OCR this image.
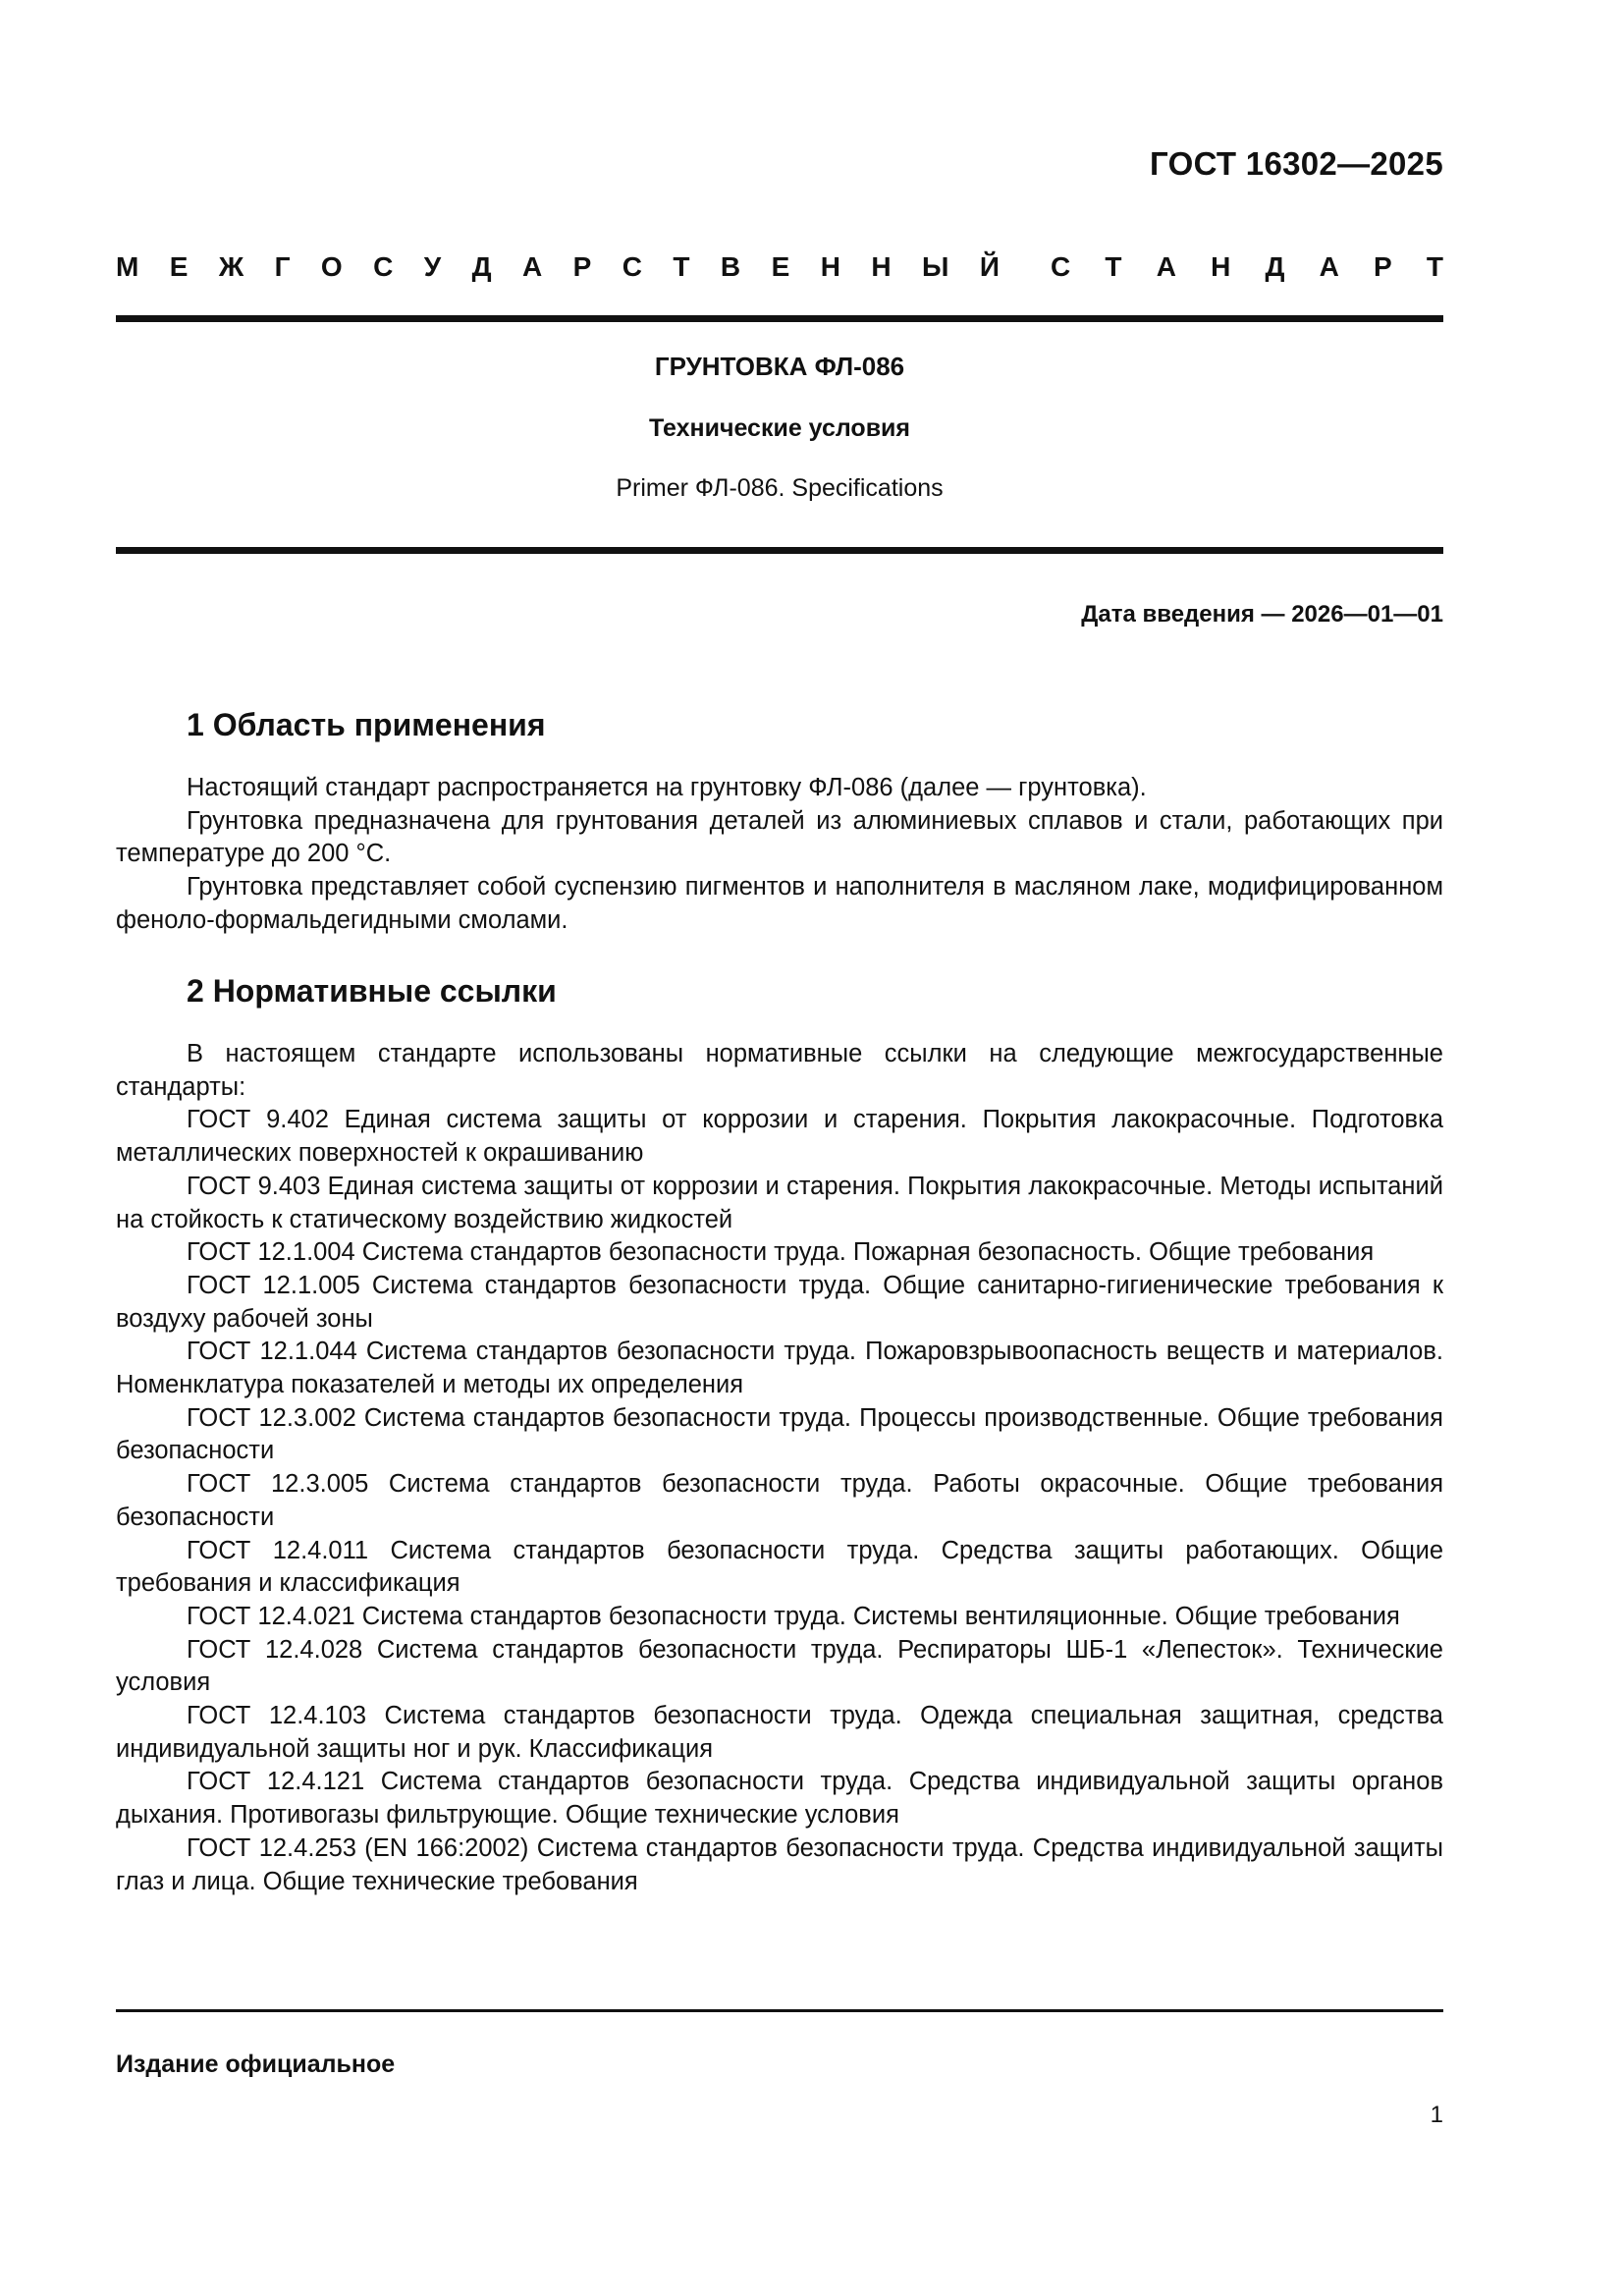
ГОСТ 16302—2025
М Е Ж Г О С У Д А Р С Т В Е Н Н Ы Й С Т А Н Д А Р Т
ГРУНТОВКА ФЛ-086
Технические условия
Primer ФЛ-086. Specifications
Дата введения — 2026—01—01
1 Область применения

Настоящий стандарт распространяется на грунтовку ФЛ-086 (далее — грунтовка).

Грунтовка предназначена для грунтования деталей из алюминиевых сплавов и стали, работающих при температуре до 200 °С.

Грунтовка представляет собой суспензию пигментов и наполнителя в масляном лаке, модифицированном феноло-формальдегидными смолами.

2 Нормативные ссылки

В настоящем стандарте использованы нормативные ссылки на следующие межгосударственные стандарты:

ГОСТ 9.402 Единая система защиты от коррозии и старения. Покрытия лакокрасочные. Подготовка металлических поверхностей к окрашиванию

ГОСТ 9.403 Единая система защиты от коррозии и старения. Покрытия лакокрасочные. Методы испытаний на стойкость к статическому воздействию жидкостей

ГОСТ 12.1.004 Система стандартов безопасности труда. Пожарная безопасность. Общие требования

ГОСТ 12.1.005 Система стандартов безопасности труда. Общие санитарно-гигиенические требования к воздуху рабочей зоны

ГОСТ 12.1.044 Система стандартов безопасности труда. Пожаровзрывоопасность веществ и материалов. Номенклатура показателей и методы их определения

ГОСТ 12.3.002 Система стандартов безопасности труда. Процессы производственные. Общие требования безопасности

ГОСТ 12.3.005 Система стандартов безопасности труда. Работы окрасочные. Общие требования безопасности

ГОСТ 12.4.011 Система стандартов безопасности труда. Средства защиты работающих. Общие требования и классификация

ГОСТ 12.4.021 Система стандартов безопасности труда. Системы вентиляционные. Общие требования

ГОСТ 12.4.028 Система стандартов безопасности труда. Респираторы ШБ-1 «Лепесток». Технические условия

ГОСТ 12.4.103 Система стандартов безопасности труда. Одежда специальная защитная, средства индивидуальной защиты ног и рук. Классификация

ГОСТ 12.4.121 Система стандартов безопасности труда. Средства индивидуальной защиты органов дыхания. Противогазы фильтрующие. Общие технические условия

ГОСТ 12.4.253 (EN 166:2002) Система стандартов безопасности труда. Средства индивидуальной защиты глаз и лица. Общие технические требования

Издание официальное
1
